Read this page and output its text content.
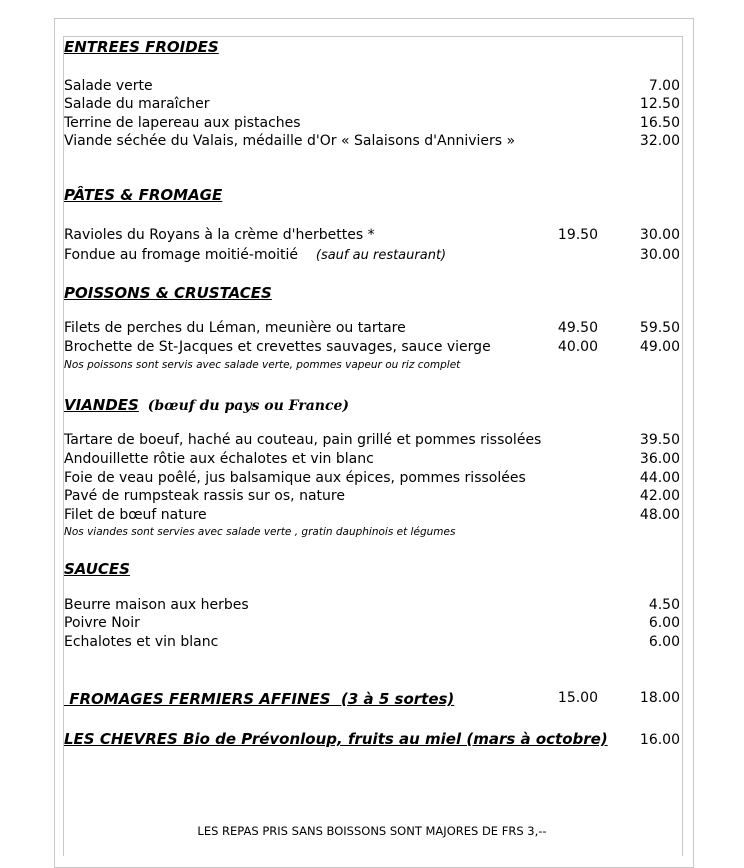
ENTREES FROIDES
Salade verte	7.00
Salade du maraîcher	12.50
Terrine de lapereau aux pistaches	16.50
Viande séchée du Valais, médaille d'Or « Salaisons d'Anniviers »	32.00
PÂTES & FROMAGE
Ravioles du Royans à la crème d'herbettes *	19.50	30.00
Fondue au fromage moitié-moitié (sauf au restaurant)	30.00
POISSONS & CRUSTACES
Filets de perches du Léman, meunière ou tartare	49.50	59.50
Brochette de St-Jacques et crevettes sauvages, sauce vierge	40.00	49.00
Nos poissons sont servis avec salade verte, pommes vapeur ou riz complet
VIANDES (bœuf du pays ou France)
Tartare de boeuf, haché au couteau, pain grillé et pommes rissolées	39.50
Andouillette rôtie aux échalotes et vin blanc	36.00
Foie de veau poêlé, jus balsamique aux épices, pommes rissolées	44.00
Pavé de rumpsteak rassis sur os, nature	42.00
Filet de bœuf nature	48.00
Nos viandes sont servies avec salade verte , gratin dauphinois et légumes
SAUCES
Beurre maison aux herbes	4.50
Poivre Noir	6.00
Echalotes et vin blanc	6.00
FROMAGES FERMIERS AFFINES  (3 à 5 sortes)	15.00	18.00
LES CHEVRES Bio de Prévonloup, fruits au miel (mars à octobre)	16.00
LES REPAS PRIS SANS BOISSONS SONT MAJORES DE FRS 3,--
